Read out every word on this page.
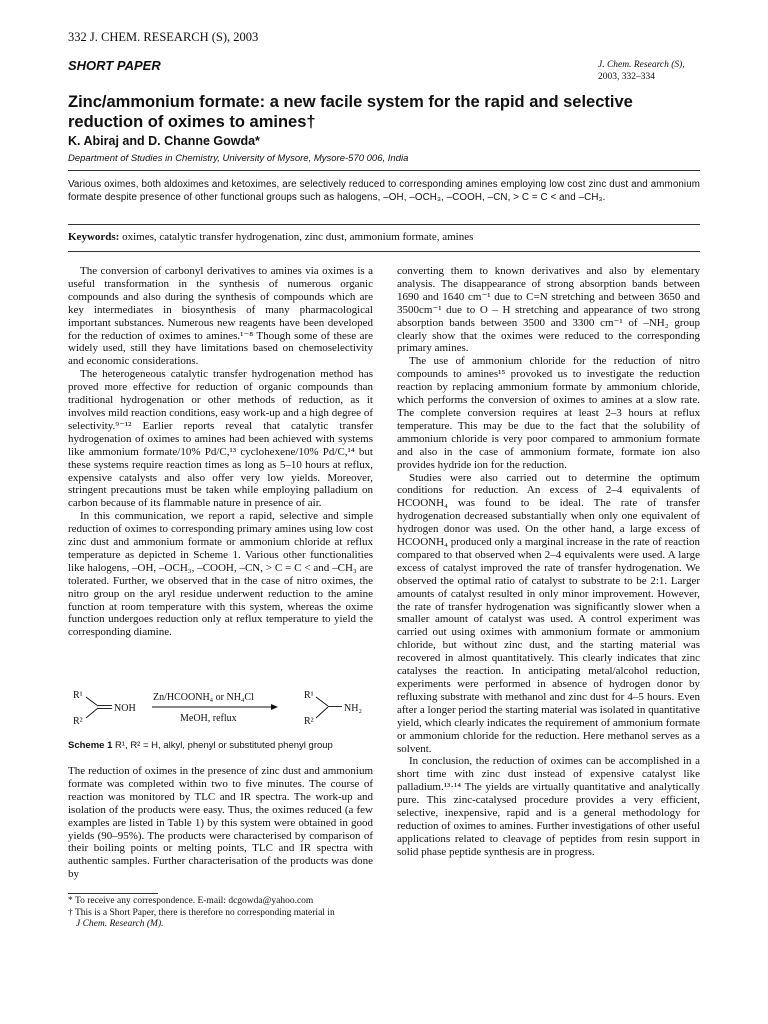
332 J. CHEM. RESEARCH (S), 2003
SHORT PAPER	J. Chem. Research (S),
2003, 332–334
Zinc/ammonium formate: a new facile system for the rapid and selective reduction of oximes to amines†
K. Abiraj and D. Channe Gowda*
Department of Studies in Chemistry, University of Mysore, Mysore-570 006, India
Various oximes, both aldoximes and ketoximes, are selectively reduced to corresponding amines employing low cost zinc dust and ammonium formate despite presence of other functional groups such as halogens, –OH, –OCH₃, –COOH, –CN, > C = C < and –CH₃.
Keywords: oximes, catalytic transfer hydrogenation, zinc dust, ammonium formate, amines

The conversion of carbonyl derivatives to amines via oximes is a useful transformation in the synthesis of numerous organic compounds and also during the synthesis of compounds which are key intermediates in biosynthesis of many pharmacological important substances. Numerous new reagents have been developed for the reduction of oximes to amines.¹⁻⁸ Though some of these are widely used, still they have limitations based on chemoselectivity and economic considerations.

The heterogeneous catalytic transfer hydrogenation method has proved more effective for reduction of organic compounds than traditional hydrogenation or other methods of reduction, as it involves mild reaction conditions, easy work-up and a high degree of selectivity.⁹⁻¹² Earlier reports reveal that catalytic transfer hydrogenation of oximes to amines had been achieved with systems like ammonium formate/10% Pd/C,¹³ cyclohexene/10% Pd/C,¹⁴ but these systems require reaction times as long as 5–10 hours at reflux, expensive catalysts and also offer very low yields. Moreover, stringent precautions must be taken while employing palladium on carbon because of its flammable nature in presence of air.

In this communication, we report a rapid, selective and simple reduction of oximes to corresponding primary amines using low cost zinc dust and ammonium formate or ammonium chloride at reflux temperature as depicted in Scheme 1. Various other functionalities like halogens, –OH, –OCH₃, –COOH, –CN, > C = C < and –CH₃ are tolerated. Further, we observed that in the case of nitro oximes, the nitro group on the aryl residue underwent reduction to the amine function at room temperature with this system, whereas the oxime function undergoes reduction only at reflux temperature to yield the corresponding diamine.

R¹
R²
NOH
Zn/HCOONH₄ or NH₄Cl
MeOH, reflux
R¹
R²
NH₂
Scheme 1 R¹, R² = H, alkyl, phenyl or substituted phenyl group

The reduction of oximes in the presence of zinc dust and ammonium formate was completed within two to five minutes. The course of reaction was monitored by TLC and IR spectra. The work-up and isolation of the products were easy. Thus, the oximes reduced (a few examples are listed in Table 1) by this system were obtained in good yields (90–95%). The products were characterised by comparison of their boiling points or melting points, TLC and IR spectra with authentic samples. Further characterisation of the products was done by

* To receive any correspondence. E-mail: dcgowda@yahoo.com

† This is a Short Paper, there is therefore no corresponding material in

J Chem. Research (M).

converting them to known derivatives and also by elementary analysis. The disappearance of strong absorption bands between 1690 and 1640 cm⁻¹ due to C=N stretching and between 3650 and 3500cm⁻¹ due to O – H stretching and appearance of two strong absorption bands between 3500 and 3300 cm⁻¹ of –NH₂ group clearly show that the oximes were reduced to the corresponding primary amines.

The use of ammonium chloride for the reduction of nitro compounds to amines¹⁵ provoked us to investigate the reduction reaction by replacing ammonium formate by ammonium chloride, which performs the conversion of oximes to amines at a slow rate. The complete conversion requires at least 2–3 hours at reflux temperature. This may be due to the fact that the solubility of ammonium chloride is very poor compared to ammonium formate and also in the case of ammonium formate, formate ion also provides hydride ion for the reduction.

Studies were also carried out to determine the optimum conditions for reduction. An excess of 2–4 equivalents of HCOONH₄ was found to be ideal. The rate of transfer hydrogenation decreased substantially when only one equivalent of hydrogen donor was used. On the other hand, a large excess of HCOONH₄ produced only a marginal increase in the rate of reaction compared to that observed when 2–4 equivalents were used. A large excess of catalyst improved the rate of transfer hydrogenation. We observed the optimal ratio of catalyst to substrate to be 2:1. Larger amounts of catalyst resulted in only minor improvement. However, the rate of transfer hydrogenation was significantly slower when a smaller amount of catalyst was used. A control experiment was carried out using oximes with ammonium formate or ammonium chloride, but without zinc dust, and the starting material was recovered in almost quantitatively. This clearly indicates that zinc catalyses the reaction. In anticipating metal/alcohol reduction, experiments were performed in absence of hydrogen donor by refluxing substrate with methanol and zinc dust for 4–5 hours. Even after a longer period the starting material was isolated in quantitative yield, which clearly indicates the requirement of ammonium formate or ammonium chloride for the reduction. Here methanol serves as a solvent.

In conclusion, the reduction of oximes can be accomplished in a short time with zinc dust instead of expensive catalyst like palladium.¹³·¹⁴ The yields are virtually quantitative and analytically pure. This zinc-catalysed procedure provides a very efficient, selective, inexpensive, rapid and is a general methodology for reduction of oximes to amines. Further investigations of other useful applications related to cleavage of peptides from resin support in solid phase peptide synthesis are in progress.
